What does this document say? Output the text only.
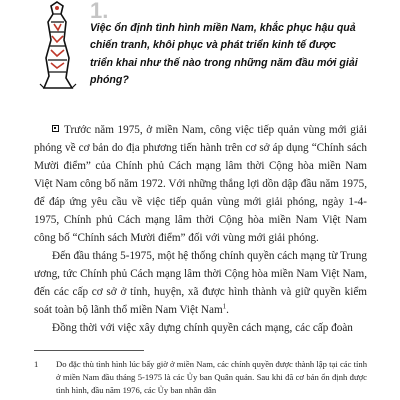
1.
Việc ổn định tình hình miền Nam, khắc phục hậu quả chiến tranh, khôi phục và phát triển kinh tế được triển khai như thế nào trong những năm đầu mới giải phóng?

Trước năm 1975, ở miền Nam, công việc tiếp quản vùng mới giải phóng về cơ bản do địa phương tiến hành trên cơ sở áp dụng “Chính sách Mười điểm” của Chính phủ Cách mạng lâm thời Cộng hòa miền Nam Việt Nam công bố năm 1972. Với những thắng lợi dồn dập đầu năm 1975, để đáp ứng yêu cầu về việc tiếp quản vùng mới giải phóng, ngày 1-4-1975, Chính phủ Cách mạng lâm thời Cộng hòa miền Nam Việt Nam công bố “Chính sách Mười điểm” đối với vùng mới giải phóng.

Đến đầu tháng 5-1975, một hệ thống chính quyền cách mạng từ Trung ương, tức Chính phủ Cách mạng lâm thời Cộng hòa miền Nam Việt Nam, đến các cấp cơ sở ở tỉnh, huyện, xã được hình thành và giữ quyền kiểm soát toàn bộ lãnh thổ miền Nam Việt Nam$^1$.

Đồng thời với việc xây dựng chính quyền cách mạng, các cấp đoàn

1	Do đặc thù tình hình lúc bấy giờ ở miền Nam, các chính quyền được thành lập tại các tỉnh ở miền Nam đầu tháng 5-1975 là các Ủy ban Quân quản. Sau khi đã cơ bản ổn định được tình hình, đầu năm 1976, các Ủy ban nhân dân
